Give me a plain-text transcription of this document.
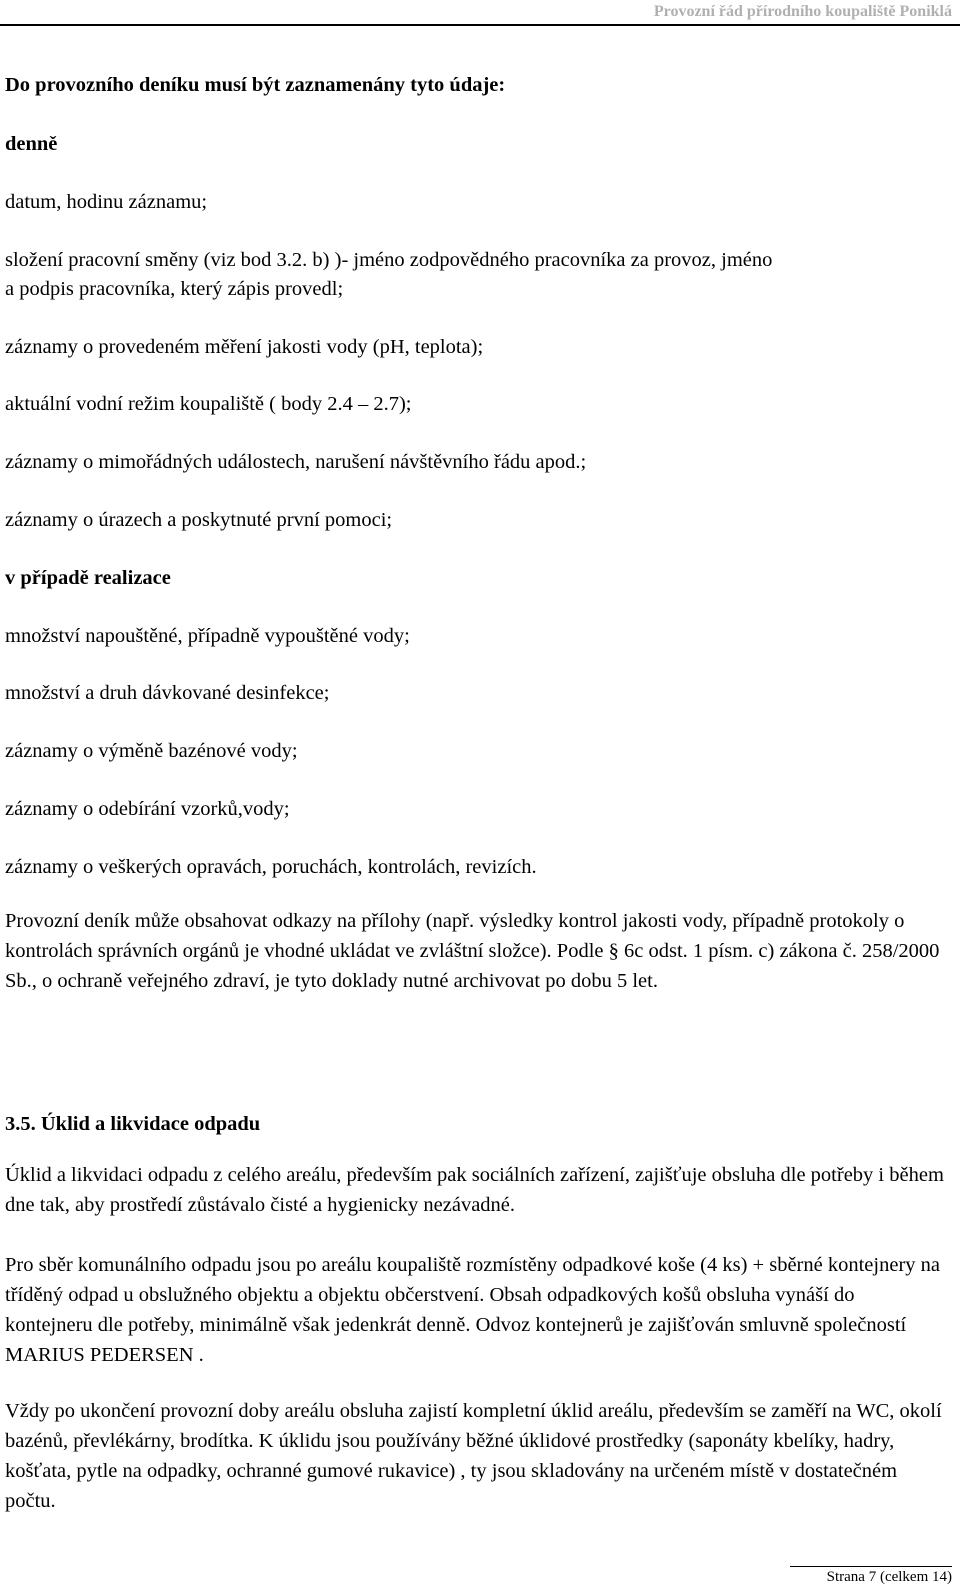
Provozní řád přírodního koupaliště Poniklá
Do provozního deníku musí být zaznamenány tyto údaje:
denně
datum, hodinu záznamu;
složení pracovní směny (viz bod 3.2. b) )- jméno zodpovědného pracovníka za provoz, jméno
a podpis pracovníka, který zápis provedl;
záznamy o provedeném měření jakosti vody (pH, teplota);
aktuální vodní režim koupaliště ( body 2.4 – 2.7);
záznamy o mimořádných událostech, narušení návštěvního řádu apod.;
záznamy o úrazech a poskytnuté první pomoci;
v případě realizace
množství napouštěné, případně vypouštěné vody;
množství a druh dávkované desinfekce;
záznamy o výměně bazénové vody;
záznamy o odebírání vzorků,vody;
záznamy o veškerých opravách, poruchách, kontrolách, revizích.
Provozní deník může obsahovat odkazy na přílohy (např. výsledky kontrol jakosti vody, případně protokoly o kontrolách správních orgánů je vhodné ukládat ve zvláštní složce). Podle § 6c odst. 1 písm. c) zákona č. 258/2000 Sb., o ochraně veřejného zdraví, je tyto doklady nutné archivovat po dobu 5 let.
3.5. Úklid a likvidace odpadu
Úklid a likvidaci odpadu z celého areálu, především pak sociálních zařízení, zajišťuje obsluha dle potřeby i během dne tak, aby prostředí zůstávalo čisté a hygienicky nezávadné.
Pro sběr komunálního odpadu jsou po areálu koupaliště rozmístěny odpadkové koše (4 ks) + sběrné kontejnery na tříděný odpad u obslužného objektu a objektu občerstvení. Obsah odpadkových košů obsluha vynáší do kontejneru dle potřeby, minimálně však jedenkrát denně. Odvoz kontejnerů je zajišťován smluvně společností MARIUS PEDERSEN .
Vždy po ukončení provozní doby areálu obsluha zajistí kompletní úklid areálu, především se zaměří na WC, okolí bazénů, převlékárny, brodítka. K úklidu jsou používány běžné úklidové prostředky (saponáty kbelíky, hadry, košťata, pytle na odpadky, ochranné gumové rukavice) , ty jsou skladovány na určeném místě v dostatečném počtu.
Strana 7 (celkem 14)
